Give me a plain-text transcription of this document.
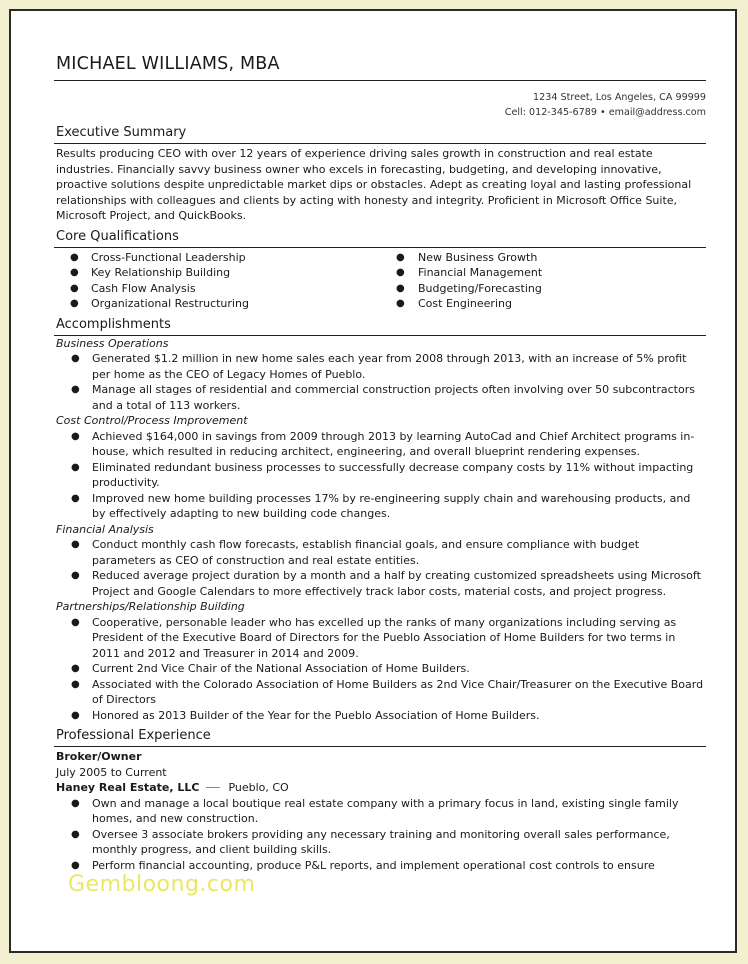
MICHAEL WILLIAMS, MBA
1234 Street, Los Angeles, CA 99999
Cell: 012-345-6789 • email@address.com
Executive Summary
Results producing CEO with over 12 years of experience driving sales growth in construction and real estate industries. Financially savvy business owner who excels in forecasting, budgeting, and developing innovative, proactive solutions despite unpredictable market dips or obstacles. Adept as creating loyal and lasting professional relationships with colleagues and clients by acting with honesty and integrity. Proficient in Microsoft Office Suite, Microsoft Project, and QuickBooks.
Core Qualifications
● Cross-Functional Leadership
● Key Relationship Building
● Cash Flow Analysis
● Organizational Restructuring
● New Business Growth
● Financial Management
● Budgeting/Forecasting
● Cost Engineering
Accomplishments
Business Operations
● Generated $1.2 million in new home sales each year from 2008 through 2013, with an increase of 5% profit per home as the CEO of Legacy Homes of Pueblo.
● Manage all stages of residential and commercial construction projects often involving over 50 subcontractors and a total of 113 workers.
Cost Control/Process Improvement
● Achieved $164,000 in savings from 2009 through 2013 by learning AutoCad and Chief Architect programs in-house, which resulted in reducing architect, engineering, and overall blueprint rendering expenses.
● Eliminated redundant business processes to successfully decrease company costs by 11% without impacting productivity.
● Improved new home building processes 17% by re-engineering supply chain and warehousing products, and by effectively adapting to new building code changes.
Financial Analysis
● Conduct monthly cash flow forecasts, establish financial goals, and ensure compliance with budget parameters as CEO of construction and real estate entities.
● Reduced average project duration by a month and a half by creating customized spreadsheets using Microsoft Project and Google Calendars to more effectively track labor costs, material costs, and project progress.
Partnerships/Relationship Building
● Cooperative, personable leader who has excelled up the ranks of many organizations including serving as President of the Executive Board of Directors for the Pueblo Association of Home Builders for two terms in 2011 and 2012 and Treasurer in 2014 and 2009.
● Current 2nd Vice Chair of the National Association of Home Builders.
● Associated with the Colorado Association of Home Builders as 2nd Vice Chair/Treasurer on the Executive Board of Directors
● Honored as 2013 Builder of the Year for the Pueblo Association of Home Builders.
Professional Experience
Broker/Owner
July 2005 to Current
Haney Real Estate, LLC	Pueblo, CO
● Own and manage a local boutique real estate company with a primary focus in land, existing single family homes, and new construction.
● Oversee 3 associate brokers providing any necessary training and monitoring overall sales performance, monthly progress, and client building skills.
● Perform financial accounting, produce P&L reports, and implement operational cost controls to ensure
Gembloong.com
